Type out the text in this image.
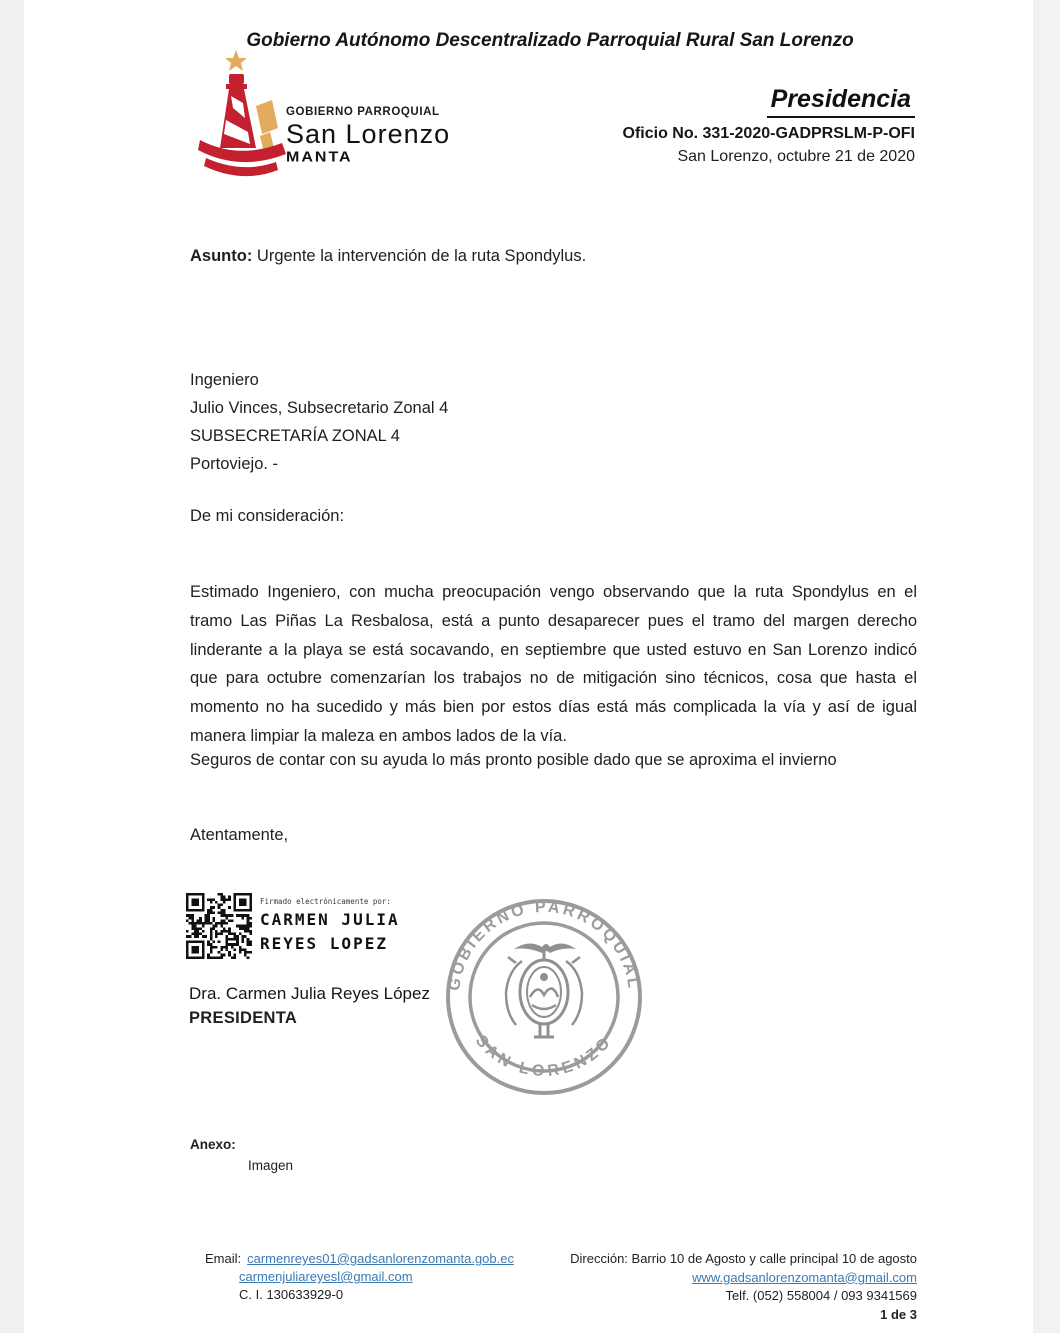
Gobierno Autónomo Descentralizado Parroquial Rural San Lorenzo
GOBIERNO PARROQUIAL
San Lorenzo
MANTA
Presidencia
Oficio No. 331-2020-GADPRSLM-P-OFI
San Lorenzo, octubre 21 de 2020
Asunto: Urgente la intervención de la ruta Spondylus.
Ingeniero
Julio Vinces, Subsecretario Zonal 4
SUBSECRETARÍA ZONAL 4
Portoviejo. -
De mi consideración:
Estimado Ingeniero, con mucha preocupación vengo observando que la ruta Spondylus en el tramo Las Piñas La Resbalosa, está a punto desaparecer pues el tramo del margen derecho linderante a la playa se está socavando, en septiembre que usted estuvo en San Lorenzo indicó que para octubre comenzarían los trabajos no de mitigación sino técnicos, cosa que hasta el momento no ha sucedido y más bien por estos días está más complicada la vía y así de igual manera limpiar la maleza en ambos lados de la vía.
Seguros de contar con su ayuda lo más pronto posible dado que se aproxima el invierno
Atentamente,
Firmado electrónicamente por:
CARMEN JULIA
REYES LOPEZ
GOBIERNO PARROQUIAL
SAN LORENZO
Dra. Carmen Julia Reyes López
PRESIDENTA
Anexo:
Imagen
Email: carmenreyes01@gadsanlorenzomanta.gob.ec
carmenjuliareyesl@gmail.com
C. I. 130633929-0
Dirección: Barrio 10 de Agosto y calle principal 10 de agosto
www.gadsanlorenzomanta@gmail.com
Telf. (052) 558004 / 093 9341569
1 de 3
